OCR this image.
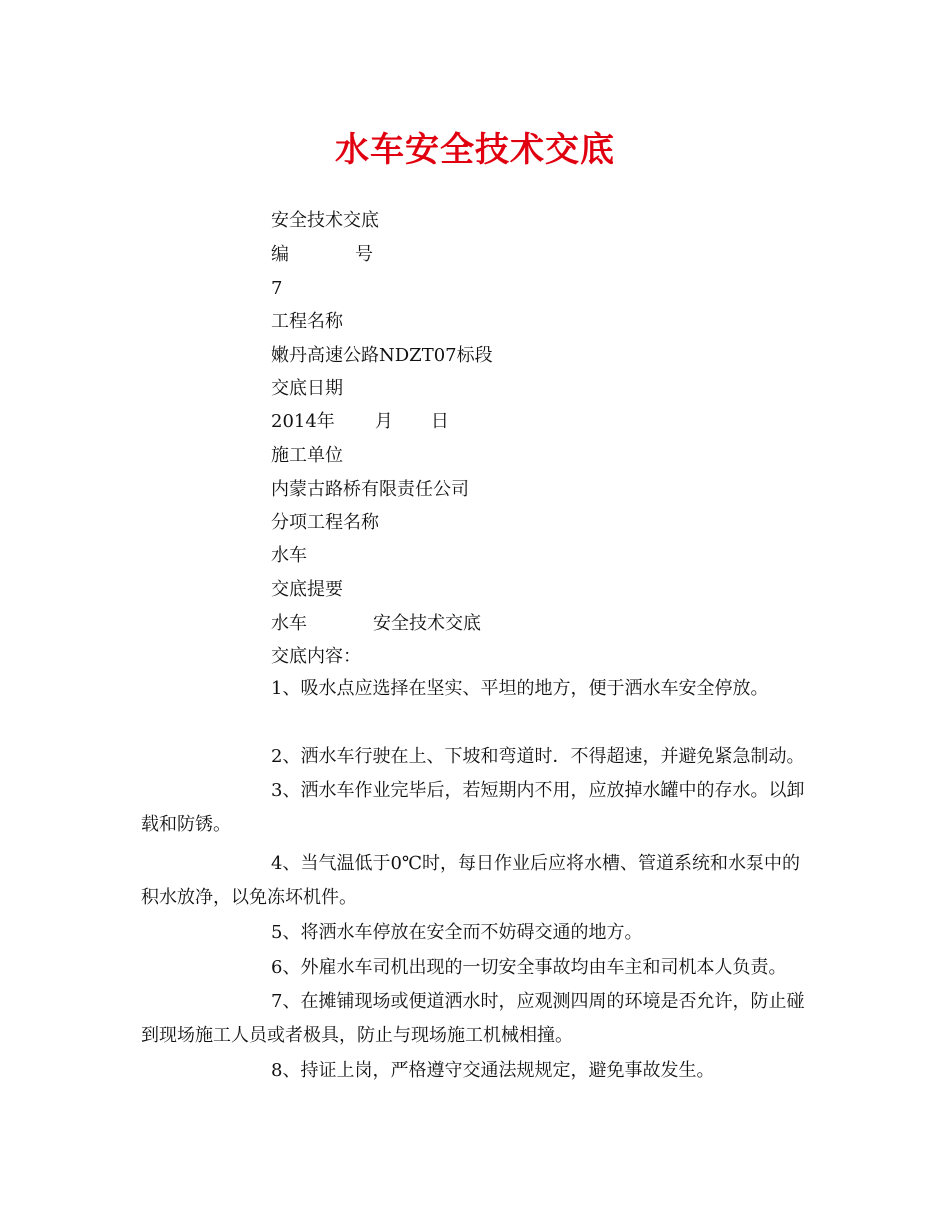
水车安全技术交底
安全技术交底
编	号
7
工程名称
嫩丹高速公路NDZT07标段
交底日期
2014年 月 日
施工单位
内蒙古路桥有限责任公司
分项工程名称
水车
交底提要
水车	安全技术交底
交底内容：
1、吸水点应选择在坚实、平坦的地方，便于洒水车安全停放。
2、洒水车行驶在上、下坡和弯道时．不得超速，并避免紧急制动。
3、洒水车作业完毕后，若短期内不用，应放掉水罐中的存水。以卸载和防锈。
4、当气温低于0℃时，每日作业后应将水槽、管道系统和水泵中的积水放净，以免冻坏机件。
5、将洒水车停放在安全而不妨碍交通的地方。
6、外雇水车司机出现的一切安全事故均由车主和司机本人负责。
7、在摊铺现场或便道洒水时，应观测四周的环境是否允许，防止碰到现场施工人员或者极具，防止与现场施工机械相撞。
8、持证上岗，严格遵守交通法规规定，避免事故发生。
